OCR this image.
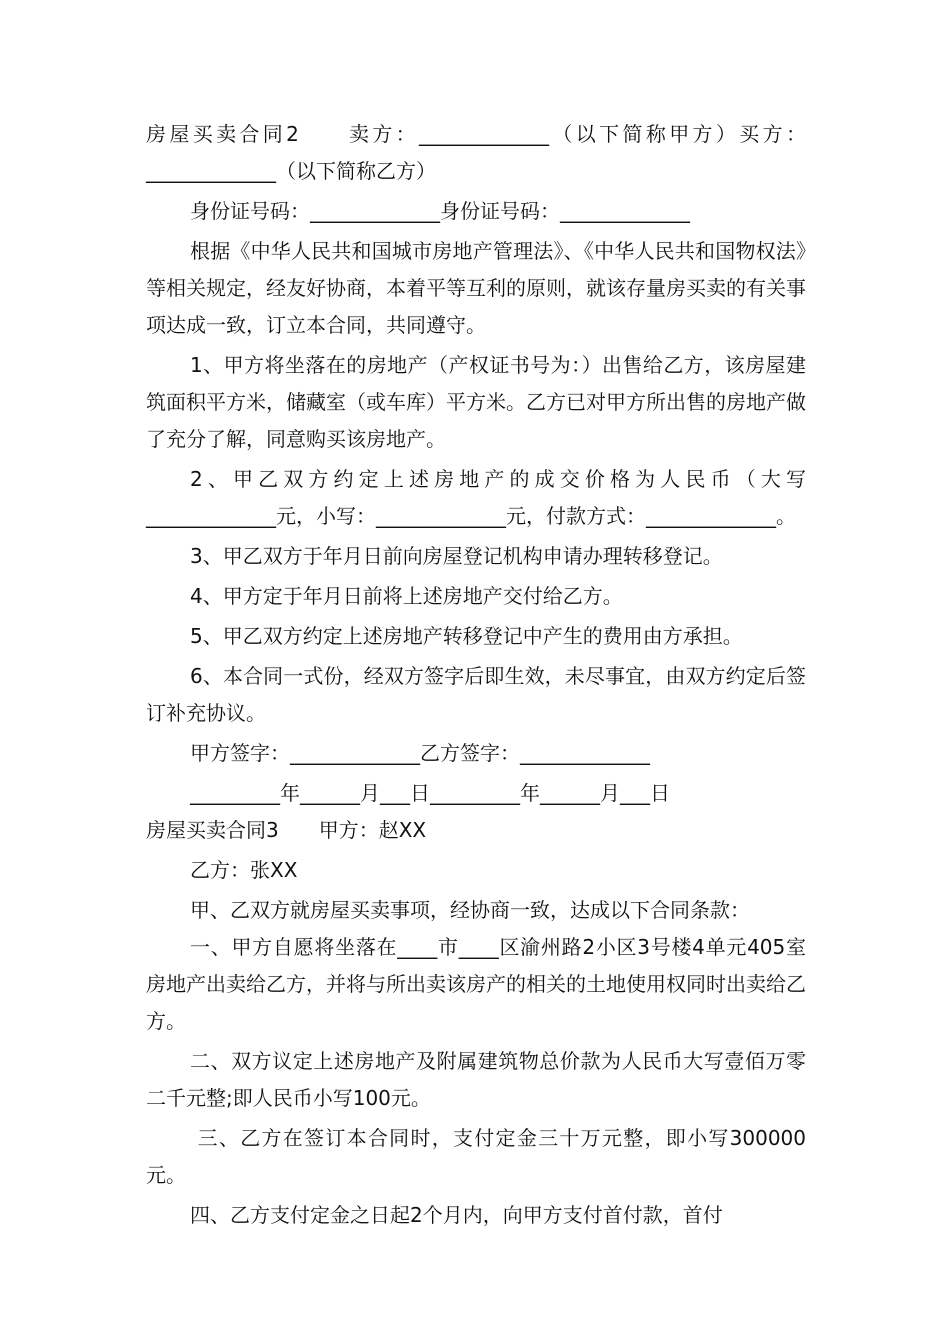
房屋买卖合同2　　卖方：_____________（以下简称甲方）买方：_____________（以下简称乙方）

身份证号码：_____________身份证号码：_____________

根据《中华人民共和国城市房地产管理法》、《中华人民共和国物权法》等相关规定，经友好协商，本着平等互利的原则，就该存量房买卖的有关事项达成一致，订立本合同，共同遵守。

1、甲方将坐落在的房地产（产权证书号为：）出售给乙方，该房屋建筑面积平方米，储藏室（或车库）平方米。乙方已对甲方所出售的房地产做了充分了解，同意购买该房地产。

2、甲乙双方约定上述房地产的成交价格为人民币（大写_____________元，小写：_____________元，付款方式：_____________。

3、甲乙双方于年月日前向房屋登记机构申请办理转移登记。

4、甲方定于年月日前将上述房地产交付给乙方。

5、甲乙双方约定上述房地产转移登记中产生的费用由方承担。

6、本合同一式份，经双方签字后即生效，未尽事宜，由双方约定后签订补充协议。

甲方签字：_____________乙方签字：_____________

_________年______月___日_________年______月___日

房屋买卖合同3　　甲方：赵XX

乙方：张XX

甲、乙双方就房屋买卖事项，经协商一致，达成以下合同条款：

一、甲方自愿将坐落在____市____区渝州路2小区3号楼4单元405室房地产出卖给乙方，并将与所出卖该房产的相关的土地使用权同时出卖给乙方。

二、双方议定上述房地产及附属建筑物总价款为人民币大写壹佰万零二千元整;即人民币小写100元。

三、乙方在签订本合同时，支付定金三十万元整，即小写300000元。

四、乙方支付定金之日起2个月内，向甲方支付首付款，首付
